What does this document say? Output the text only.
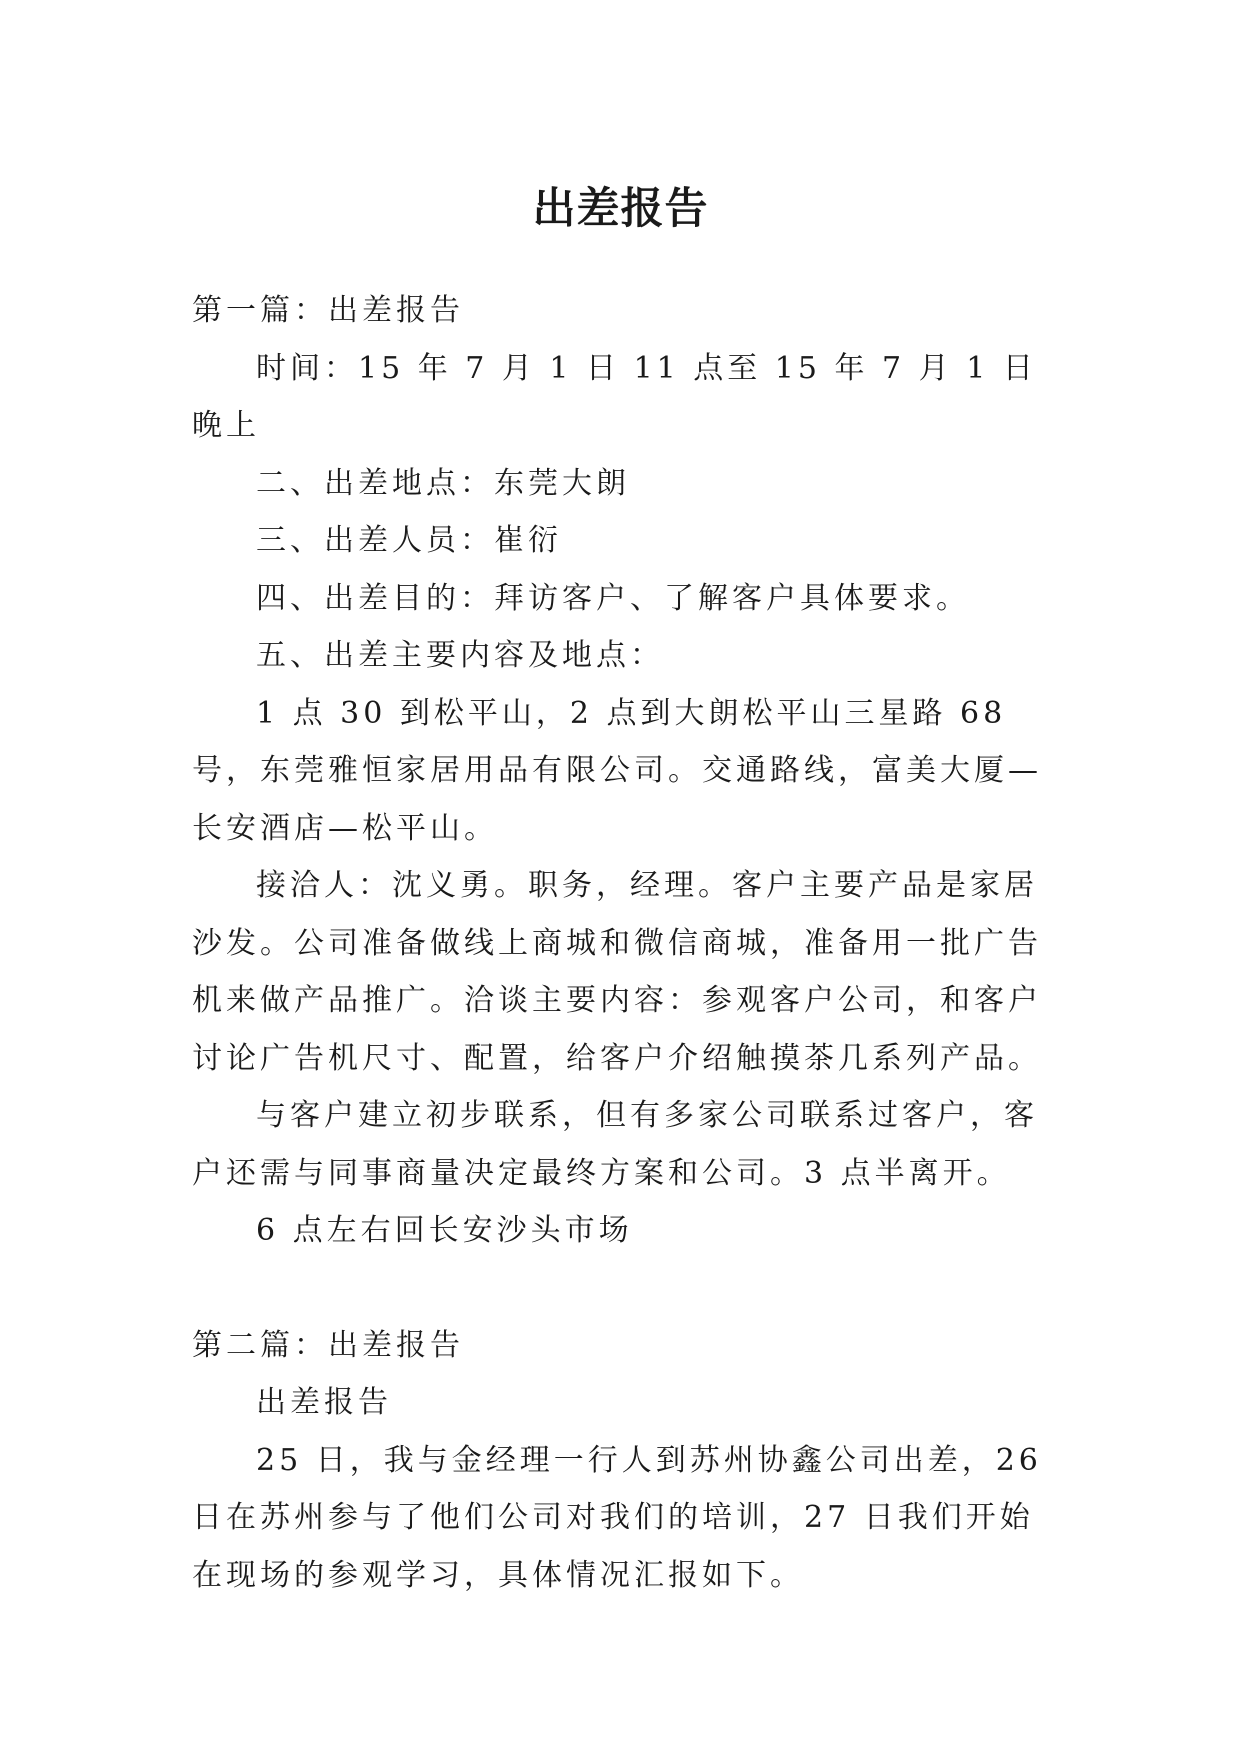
出差报告

第一篇：出差报告

时间：15 年 7 月 1 日 11 点至 15 年 7 月 1 日晚上

二、出差地点：东莞大朗

三、出差人员：崔衍

四、出差目的：拜访客户、了解客户具体要求。

五、出差主要内容及地点：

1 点 30 到松平山，2 点到大朗松平山三星路 68 号，东莞雅恒家居用品有限公司。交通路线，富美大厦—长安酒店—松平山。

接洽人：沈义勇。职务，经理。客户主要产品是家居沙发。公司准备做线上商城和微信商城，准备用一批广告机来做产品推广。洽谈主要内容：参观客户公司，和客户讨论广告机尺寸、配置，给客户介绍触摸茶几系列产品。

与客户建立初步联系，但有多家公司联系过客户，客户还需与同事商量决定最终方案和公司。3 点半离开。

6 点左右回长安沙头市场

第二篇：出差报告

出差报告

25 日，我与金经理一行人到苏州协鑫公司出差，26 日在苏州参与了他们公司对我们的培训，27 日我们开始在现场的参观学习，具体情况汇报如下。
